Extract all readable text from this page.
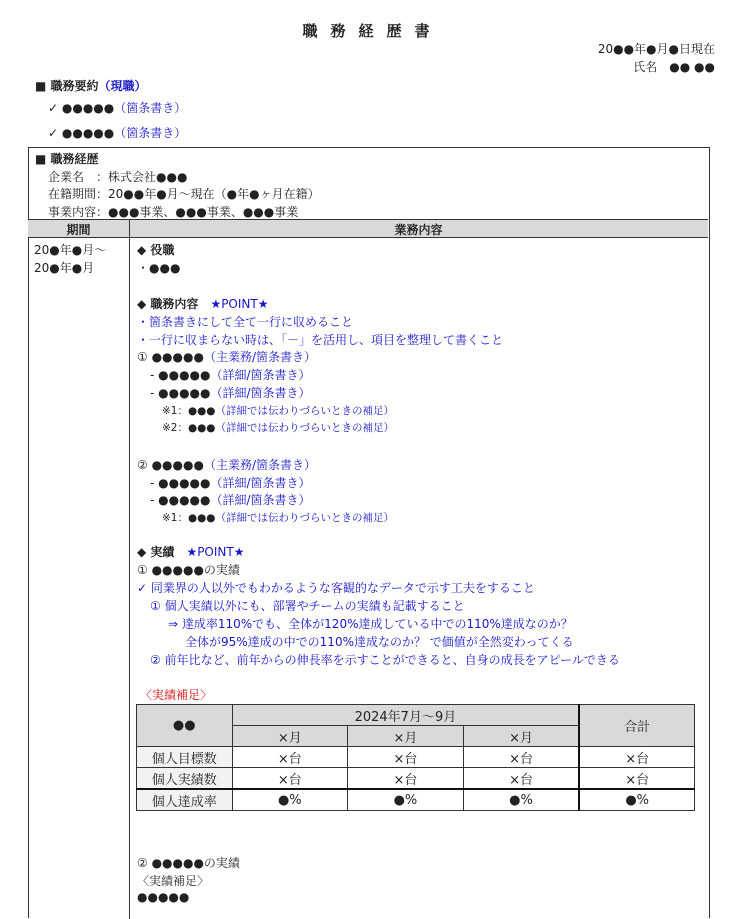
職務経歴書
20●●年●月●日現在
氏名　●● ●●
■ 職務要約（現職）
✓ ●●●●●（箇条書き）
✓ ●●●●●（箇条書き）
■ 職務経歴
企業名　：株式会社●●●
在籍期間：20●●年●月～現在（●年●ヶ月在籍）
事業内容：●●●事業、●●●事業、●●●事業
期間	業務内容
20●年●月～
20●年●月
◆ 役職
・●●●
◆ 職務内容　 ★POINT★
・箇条書きにして全て一行に収めること
・一行に収まらない時は、「－」を活用し、項目を整理して書くこと
① ●●●●●（主業務/箇条書き）
- ●●●●●（詳細/箇条書き）
- ●●●●●（詳細/箇条書き）
※1：●●●（詳細では伝わりづらいときの補足）
※2：●●●（詳細では伝わりづらいときの補足）
② ●●●●●（主業務/箇条書き）
- ●●●●●（詳細/箇条書き）
- ●●●●●（詳細/箇条書き）
※1：●●●（詳細では伝わりづらいときの補足）
◆ 実績　 ★POINT★
① ●●●●●の実績
✓ 同業界の人以外でもわかるような客観的なデータで示す工夫をすること
① 個人実績以外にも、部署やチームの実績も記載すること
⇒ 達成率110%でも、全体が120%達成している中での110%達成なのか？
全体が95%達成の中での110%達成なのか？ で価値が全然変わってくる
② 前年比など、前年からの伸長率を示すことができると、自身の成長をアピールできる
〈実績補足〉
●●	2024年7月～9月			合計
	×月	×月	×月	
個人目標数	×台	×台	×台	×台
個人実績数	×台	×台	×台	×台
個人達成率	●%	●%	●%	●%
② ●●●●●の実績
〈実績補足〉
●●●●●
